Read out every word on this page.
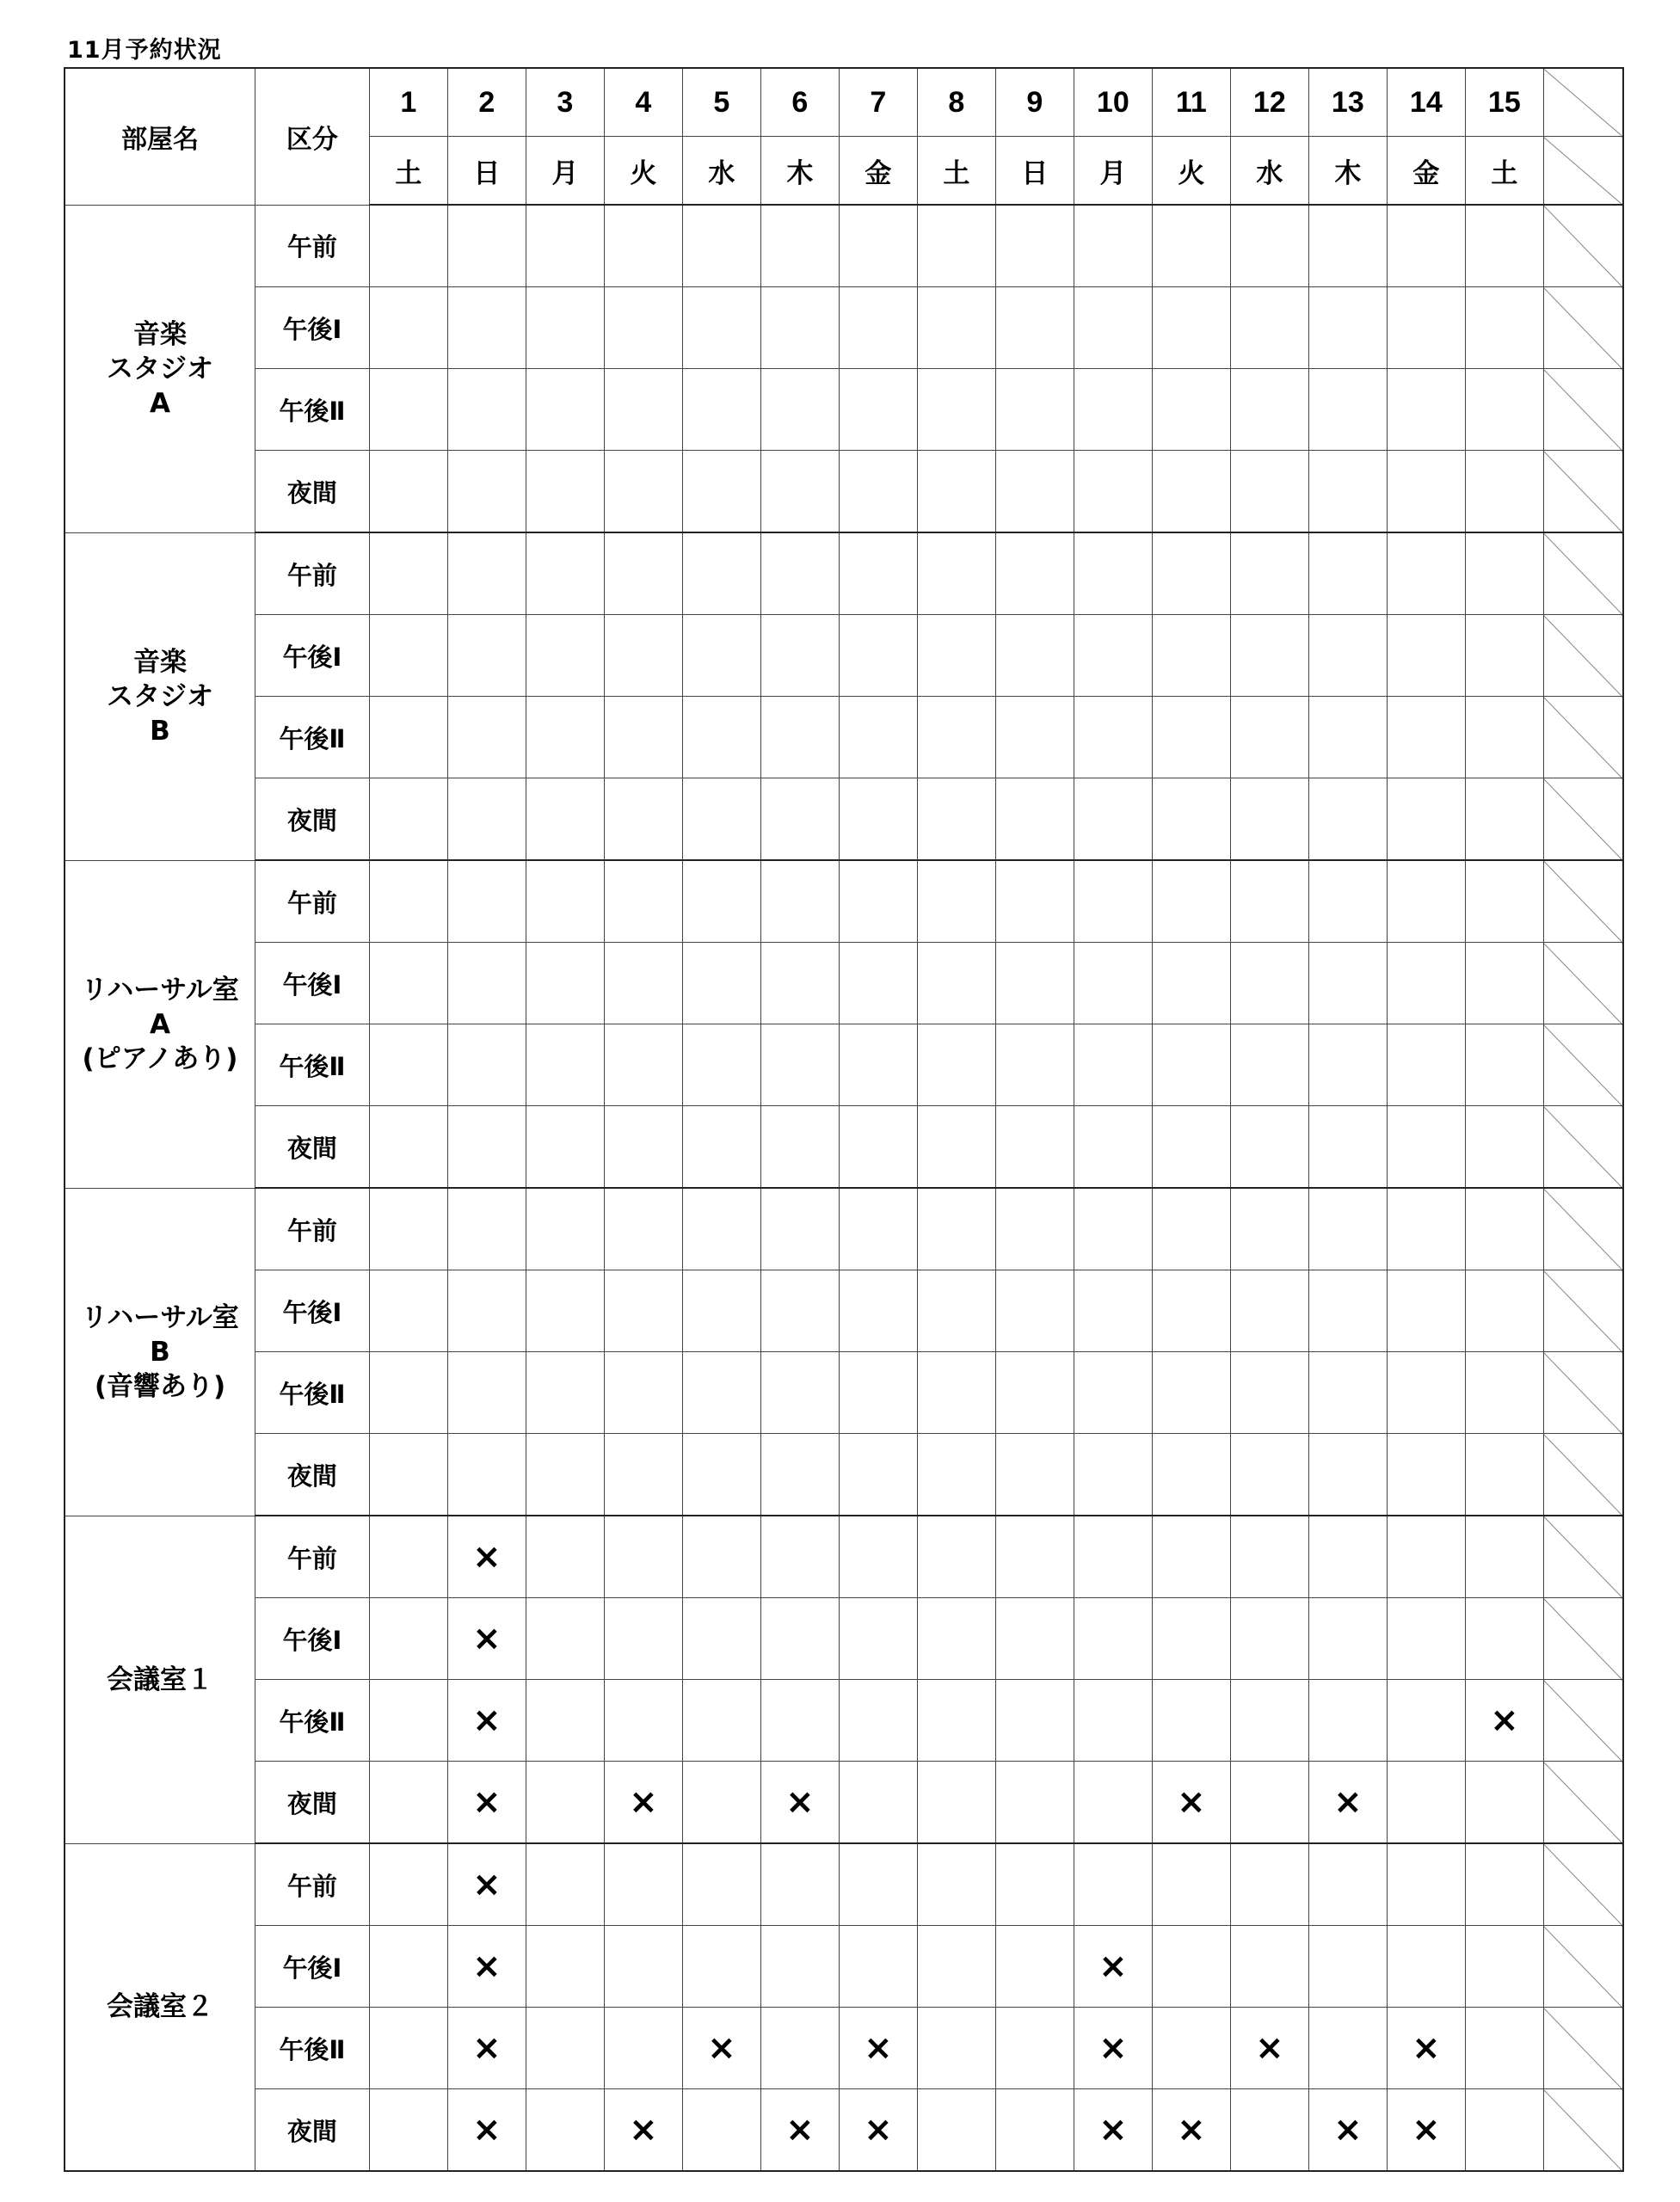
11月予約状況
部屋名	区分	1	2	3	4	5	6	7	8	9	10	11	12	13	14	15	
		土	日	月	火	水	木	金	土	日	月	火	水	木	金	土	

音楽
スタジオ
A	午前																
	午後Ⅰ																
	午後Ⅱ																
	夜間																

音楽
スタジオ
B	午前																
	午後Ⅰ																
	午後Ⅱ																
	夜間																

リハーサル室
A
(ピアノあり)	午前																
	午後Ⅰ																
	午後Ⅱ																
	夜間																

リハーサル室
B
(音響あり)	午前																
	午後Ⅰ																
	午後Ⅱ																
	夜間																

会議室１	午前		×														
	午後Ⅰ		×														
	午後Ⅱ		×													×	
	夜間		×		×		×					×		×			

会議室２	午前		×														
	午後Ⅰ		×								×						
	午後Ⅱ		×			×		×			×		×		×		
	夜間		×		×		×	×			×	×		×	×		
